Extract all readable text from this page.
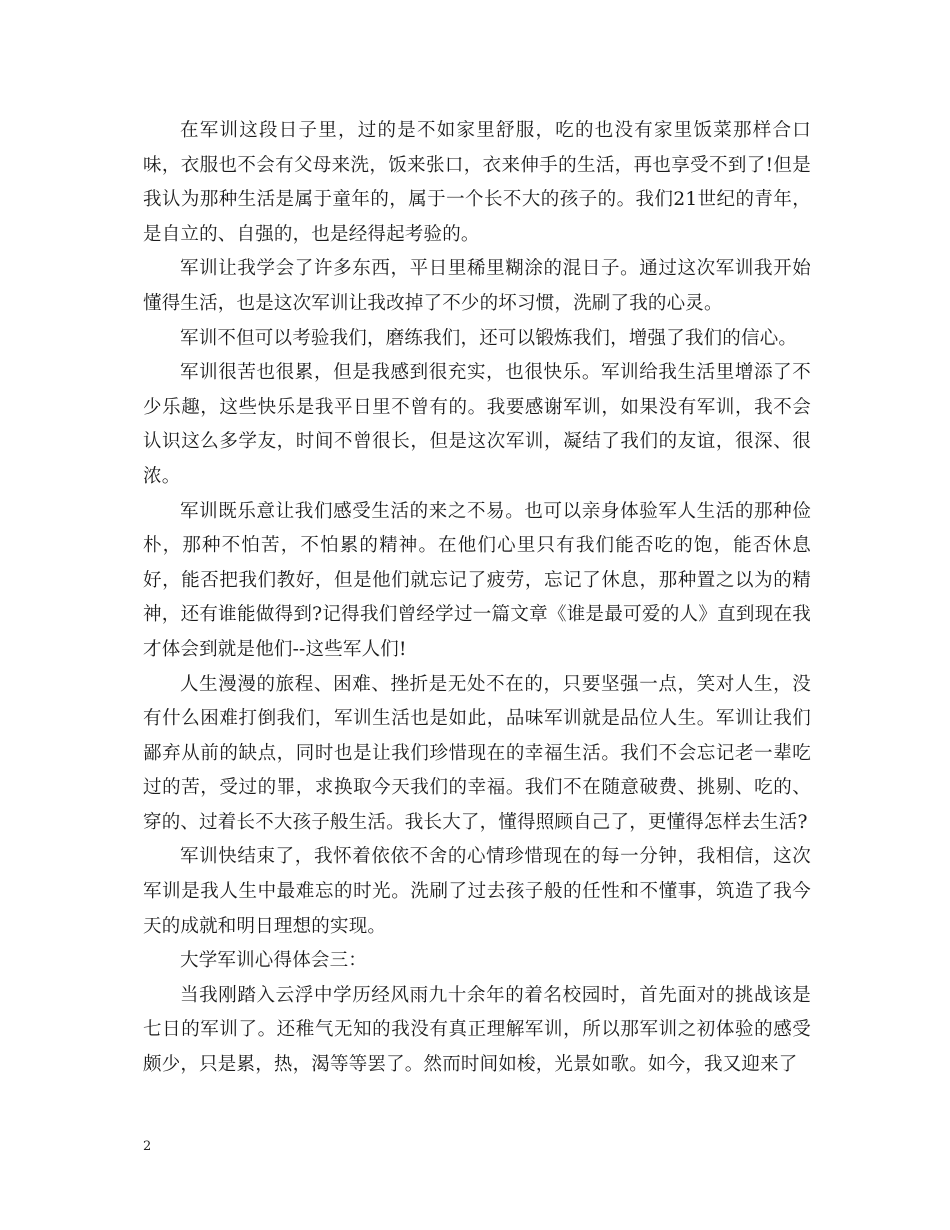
在军训这段日子里，过的是不如家里舒服，吃的也没有家里饭菜那样合口味，衣服也不会有父母来洗，饭来张口，衣来伸手的生活，再也享受不到了!但是我认为那种生活是属于童年的，属于一个长不大的孩子的。我们21世纪的青年，是自立的、自强的，也是经得起考验的。

军训让我学会了许多东西，平日里稀里糊涂的混日子。通过这次军训我开始懂得生活，也是这次军训让我改掉了不少的坏习惯，洗刷了我的心灵。

军训不但可以考验我们，磨练我们，还可以锻炼我们，增强了我们的信心。

军训很苦也很累，但是我感到很充实，也很快乐。军训给我生活里增添了不少乐趣，这些快乐是我平日里不曾有的。我要感谢军训，如果没有军训，我不会认识这么多学友，时间不曾很长，但是这次军训，凝结了我们的友谊，很深、很浓。

军训既乐意让我们感受生活的来之不易。也可以亲身体验军人生活的那种俭朴，那种不怕苦，不怕累的精神。在他们心里只有我们能否吃的饱，能否休息好，能否把我们教好，但是他们就忘记了疲劳，忘记了休息，那种置之以为的精神，还有谁能做得到?记得我们曾经学过一篇文章《谁是最可爱的人》直到现在我才体会到就是他们--这些军人们!

人生漫漫的旅程、困难、挫折是无处不在的，只要坚强一点，笑对人生，没有什么困难打倒我们，军训生活也是如此，品味军训就是品位人生。军训让我们鄙弃从前的缺点，同时也是让我们珍惜现在的幸福生活。我们不会忘记老一辈吃过的苦，受过的罪，求换取今天我们的幸福。我们不在随意破费、挑剔、吃的、穿的、过着长不大孩子般生活。我长大了，懂得照顾自己了，更懂得怎样去生活?

军训快结束了，我怀着依依不舍的心情珍惜现在的每一分钟，我相信，这次军训是我人生中最难忘的时光。洗刷了过去孩子般的任性和不懂事，筑造了我今天的成就和明日理想的实现。

大学军训心得体会三：

当我刚踏入云浮中学历经风雨九十余年的着名校园时，首先面对的挑战该是七日的军训了。还稚气无知的我没有真正理解军训，所以那军训之初体验的感受颇少，只是累，热，渴等等罢了。然而时间如梭，光景如歌。如今，我又迎来了

2
